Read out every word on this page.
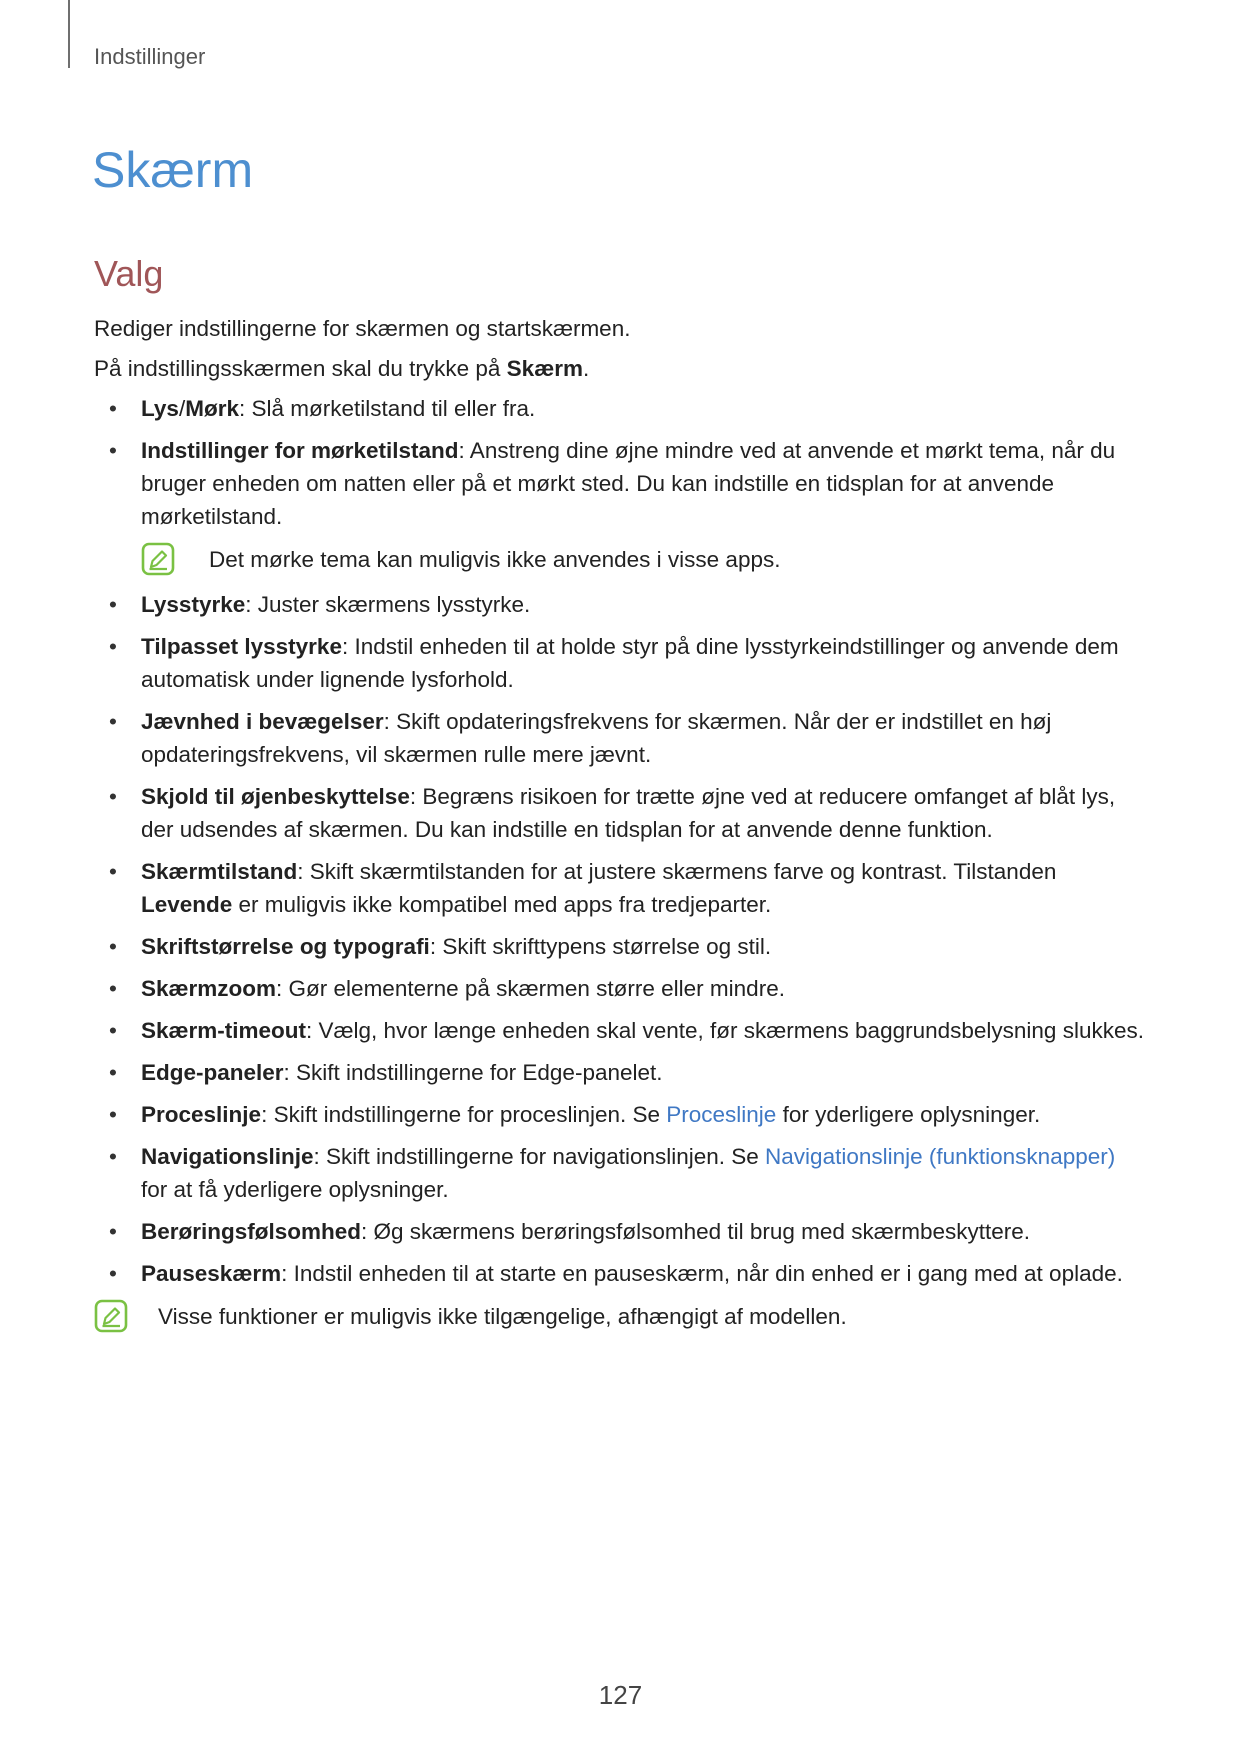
Indstillinger
Skærm
Valg

Rediger indstillingerne for skærmen og startskærmen.

På indstillingsskærmen skal du trykke på Skærm.

• Lys/Mørk: Slå mørketilstand til eller fra.
• Indstillinger for mørketilstand: Anstreng dine øjne mindre ved at anvende et mørkt tema, når du bruger enheden om natten eller på et mørkt sted. Du kan indstille en tidsplan for at anvende mørketilstand.
Det mørke tema kan muligvis ikke anvendes i visse apps.
• Lysstyrke: Juster skærmens lysstyrke.
• Tilpasset lysstyrke: Indstil enheden til at holde styr på dine lysstyrkeindstillinger og anvende dem automatisk under lignende lysforhold.
• Jævnhed i bevægelser: Skift opdateringsfrekvens for skærmen. Når der er indstillet en høj opdateringsfrekvens, vil skærmen rulle mere jævnt.
• Skjold til øjenbeskyttelse: Begræns risikoen for trætte øjne ved at reducere omfanget af blåt lys, der udsendes af skærmen. Du kan indstille en tidsplan for at anvende denne funktion.
• Skærmtilstand: Skift skærmtilstanden for at justere skærmens farve og kontrast. Tilstanden Levende er muligvis ikke kompatibel med apps fra tredjeparter.
• Skriftstørrelse og typografi: Skift skrifttypens størrelse og stil.
• Skærmzoom: Gør elementerne på skærmen større eller mindre.
• Skærm-timeout: Vælg, hvor længe enheden skal vente, før skærmens baggrundsbelysning slukkes.
• Edge-paneler: Skift indstillingerne for Edge-panelet.
• Proceslinje: Skift indstillingerne for proceslinjen. Se Proceslinje for yderligere oplysninger.
• Navigationslinje: Skift indstillingerne for navigationslinjen. Se Navigationslinje (funktionsknapper) for at få yderligere oplysninger.
• Berøringsfølsomhed: Øg skærmens berøringsfølsomhed til brug med skærmbeskyttere.
• Pauseskærm: Indstil enheden til at starte en pauseskærm, når din enhed er i gang med at oplade.
Visse funktioner er muligvis ikke tilgængelige, afhængigt af modellen.
127
